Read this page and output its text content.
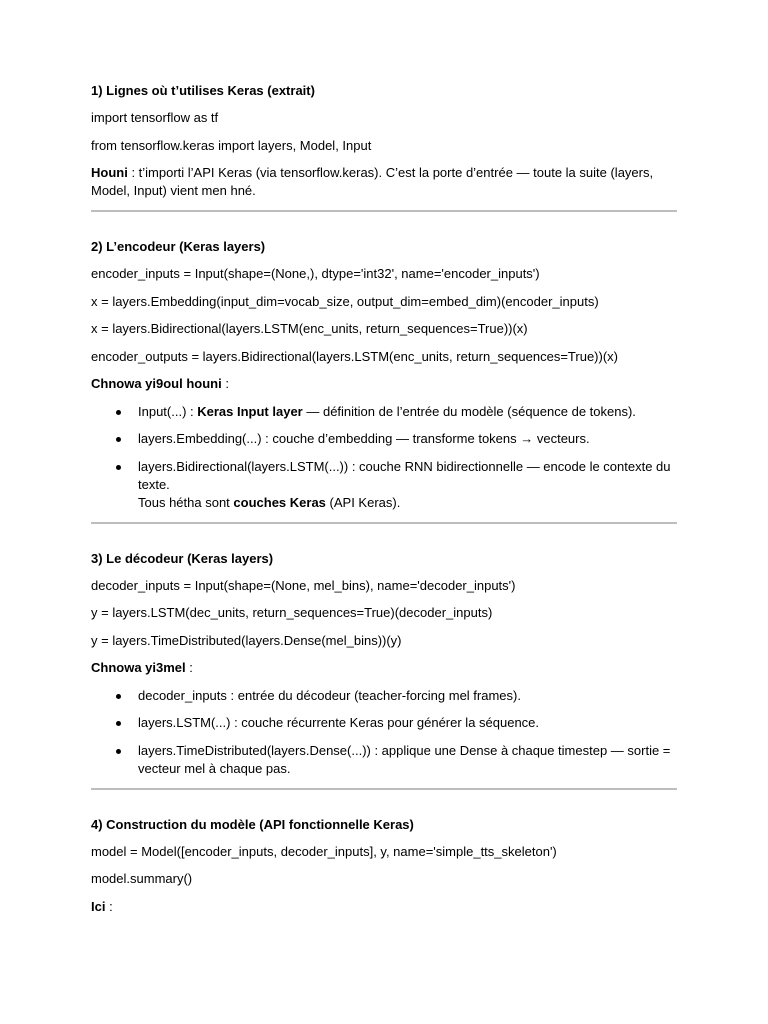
1) Lignes où t’utilises Keras (extrait)

import tensorflow as tf

from tensorflow.keras import layers, Model, Input

Houni : t’importi l’API Keras (via tensorflow.keras). C’est la porte d’entrée — toute la suite (layers, Model, Input) vient men hné.

2) L’encodeur (Keras layers)

encoder_inputs = Input(shape=(None,), dtype='int32', name='encoder_inputs')

x = layers.Embedding(input_dim=vocab_size, output_dim=embed_dim)(encoder_inputs)

x = layers.Bidirectional(layers.LSTM(enc_units, return_sequences=True))(x)

encoder_outputs = layers.Bidirectional(layers.LSTM(enc_units, return_sequences=True))(x)

Chnowa yi9oul houni :

Input(...) : Keras Input layer — définition de l’entrée du modèle (séquence de tokens).
layers.Embedding(...) : couche d’embedding — transforme tokens → vecteurs.
layers.Bidirectional(layers.LSTM(...)) : couche RNN bidirectionnelle — encode le contexte du texte.
Tous hétha sont couches Keras (API Keras).

3) Le décodeur (Keras layers)

decoder_inputs = Input(shape=(None, mel_bins), name='decoder_inputs')

y = layers.LSTM(dec_units, return_sequences=True)(decoder_inputs)

y = layers.TimeDistributed(layers.Dense(mel_bins))(y)

Chnowa yi3mel :

decoder_inputs : entrée du décodeur (teacher-forcing mel frames).
layers.LSTM(...) : couche récurrente Keras pour générer la séquence.
layers.TimeDistributed(layers.Dense(...)) : applique une Dense à chaque timestep — sortie = vecteur mel à chaque pas.

4) Construction du modèle (API fonctionnelle Keras)

model = Model([encoder_inputs, decoder_inputs], y, name='simple_tts_skeleton')

model.summary()

Ici :
